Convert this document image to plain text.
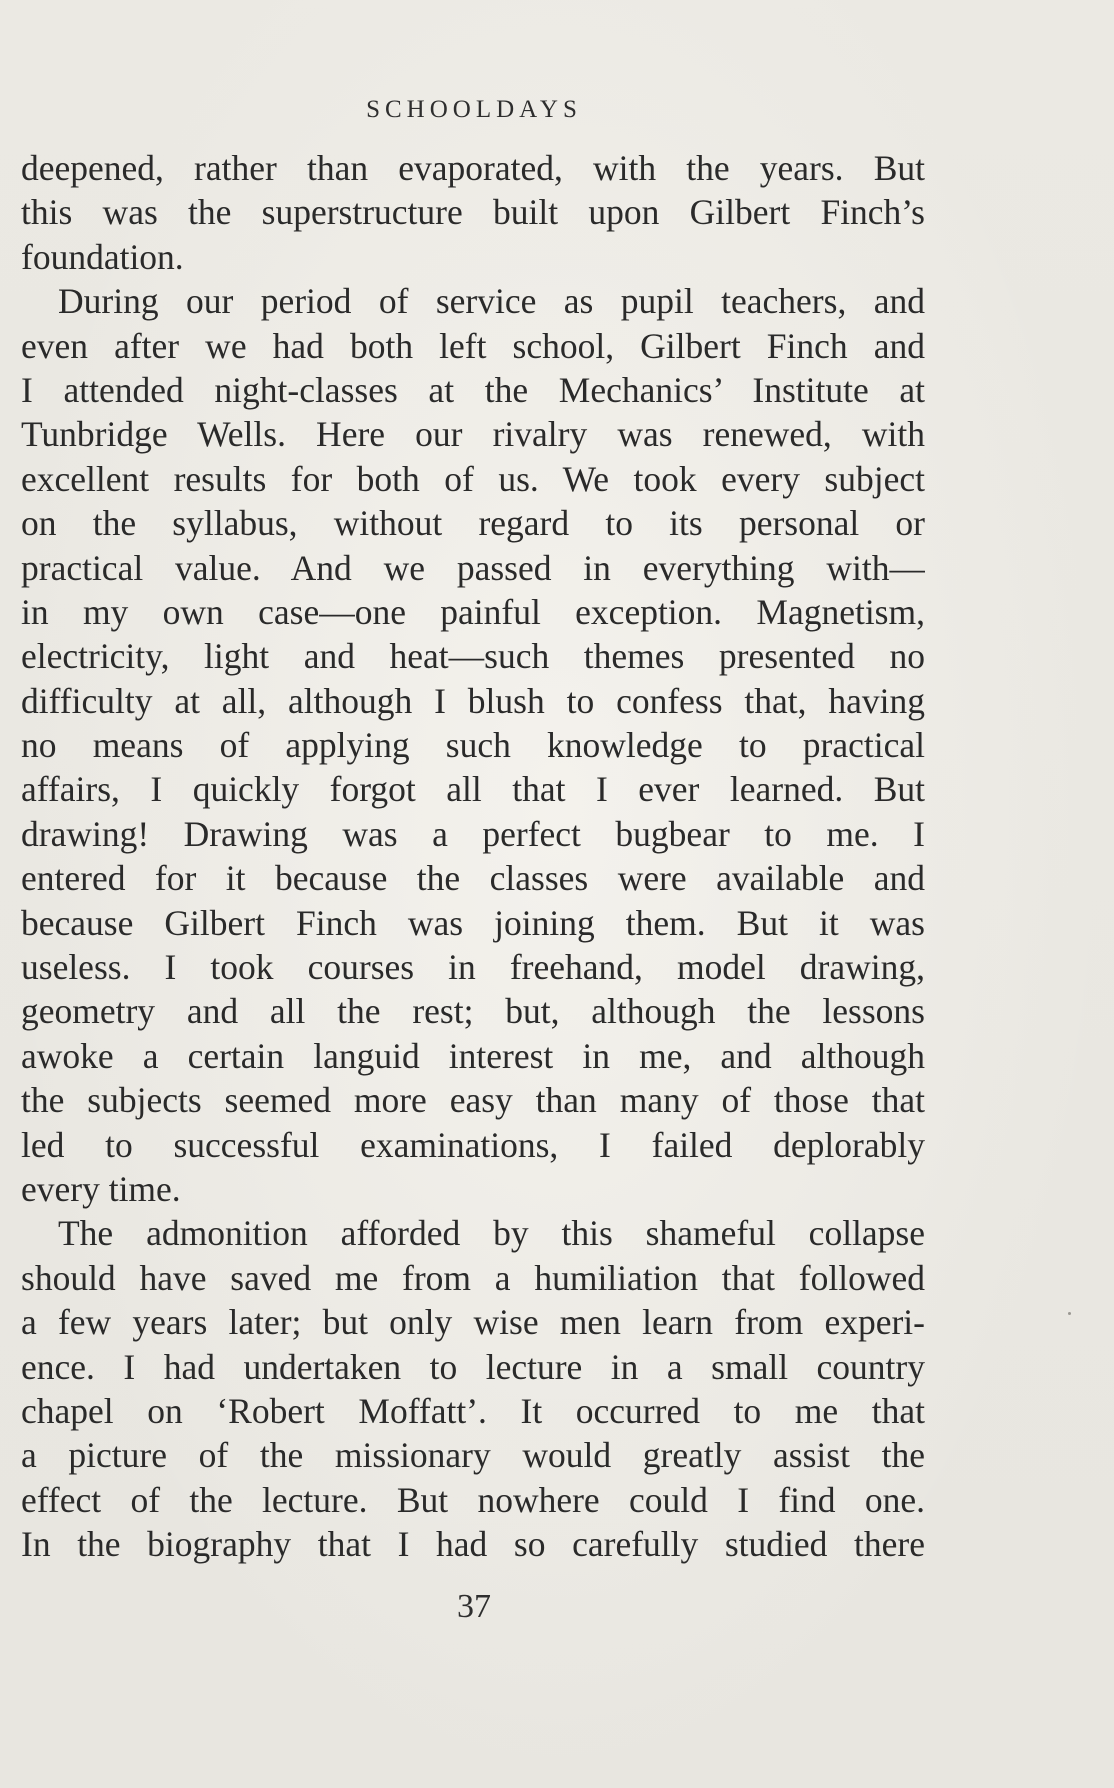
SCHOOLDAYS
deepened, rather than evaporated, with the years. But
this was the superstructure built upon Gilbert Finch’s
foundation.
During our period of service as pupil teachers, and
even after we had both left school, Gilbert Finch and
I attended night-classes at the Mechanics’ Institute at
Tunbridge Wells. Here our rivalry was renewed, with
excellent results for both of us. We took every subject
on the syllabus, without regard to its personal or
practical value. And we passed in everything with—
in my own case—one painful exception. Magnetism,
electricity, light and heat—such themes presented no
difficulty at all, although I blush to confess that, having
no means of applying such knowledge to practical
affairs, I quickly forgot all that I ever learned. But
drawing! Drawing was a perfect bugbear to me. I
entered for it because the classes were available and
because Gilbert Finch was joining them. But it was
useless. I took courses in freehand, model drawing,
geometry and all the rest; but, although the lessons
awoke a certain languid interest in me, and although
the subjects seemed more easy than many of those that
led to successful examinations, I failed deplorably
every time.
The admonition afforded by this shameful collapse
should have saved me from a humiliation that followed
a few years later; but only wise men learn from experi-
ence. I had undertaken to lecture in a small country
chapel on ‘Robert Moffatt’. It occurred to me that
a picture of the missionary would greatly assist the
effect of the lecture. But nowhere could I find one.
In the biography that I had so carefully studied there
37
